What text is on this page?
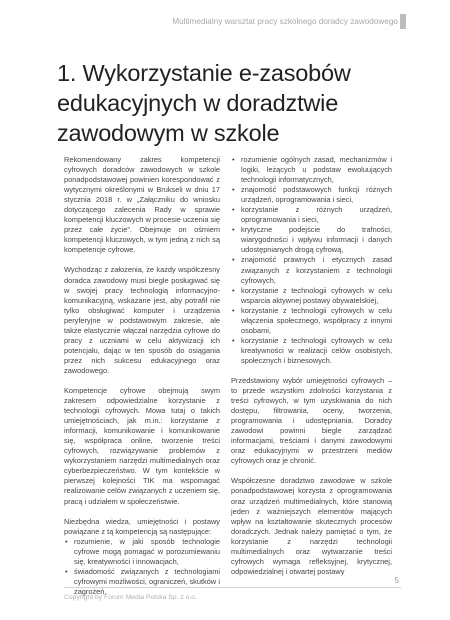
Multimedialny warsztat pracy szkolnego doradcy zawodowego
1. Wykorzystanie e-zasobów edukacyjnych w doradztwie zawodowym w szkole

Rekomendowany zakres kompetencji cyfrowych doradców zawodowych w szkole ponadpodstawowej powinien korespondować z wytycznymi określonymi w Brukseli w dniu 17 stycznia 2018 r. w „Załączniku do wniosku dotyczącego zalecenia Rady w sprawie kompetencji kluczowych w procesie uczenia się przez całe życie”. Obejmuje on ośmiem kompetencji kluczowych, w tym jedną z nich są kompetencje cyfrowe.

Wychodząc z założenia, że każdy współczesny doradca zawodowy musi biegle posługiwać się w swojej pracy technologią informacyjno-komunikacyjną, wskazane jest, aby potrafił nie tylko obsługiwać komputer i urządzenia peryferyjne w podstawowym zakresie, ale także elastycznie włączał narzędzia cyfrowe do pracy z uczniami w celu aktywizacji ich potencjału, dając w ten sposób do osiągania przez nich sukcesu edukacyjnego oraz zawodowego.

Kompetencje cyfrowe obejmują swym zakresem odpowiedzialne korzystanie z technologii cyfrowych. Mowa tutaj o takich umiejętnościach, jak m.in.: korzystanie z informacji, komunikowanie i komunikowanie się, współpraca online, tworzenie treści cyfrowych, rozwiązywanie problemów z wykorzystaniem narzędzi multimedialnych oraz cyberbezpieczeństwo. W tym kontekście w pierwszej kolejności TIK ma wspomagać realizowanie celów związanych z uczeniem się, pracą i udziałem w społeczeństwie.

Niezbędna wiedza, umiejętności i postawy powiązane z tą kompetencją są następujące:

• rozumienie, w jaki sposób technologie cyfrowe mogą pomagać w porozumiewaniu się, kreatywności i innowacjach,
• świadomość związanych z technologiami cyfrowymi możliwości, ograniczeń, skutków i zagrożeń,
• rozumienie ogólnych zasad, mechanizmów i logiki, leżących u podstaw ewoluujących technologii informatycznych,
• znajomość podstawowych funkcji różnych urządzeń, oprogramowania i sieci,
• korzystanie z różnych urządzeń, oprogramowania i sieci,
• krytyczne podejście do trafności, wiarygodności i wpływu informacji i danych udostępnianych drogą cyfrową,
• znajomość prawnych i etycznych zasad związanych z korzystaniem z technologii cyfrowych,
• korzystanie z technologii cyfrowych w celu wsparcia aktywnej postawy obywatelskiej,
• korzystanie z technologii cyfrowych w celu włączenia społecznego, współpracy z innymi osobami,
• korzystanie z technologii cyfrowych w celu kreatywności w realizacji celów osobistych, społecznych i biznesowych.

Przedstawiony wybór umiejętności cyfrowych – to przede wszystkim zdolności korzystania z treści cyfrowych, w tym uzyskiwania do nich dostępu, filtrowania, oceny, tworzenia, programowania i udostępniania. Doradcy zawodowi powinni biegle zarządzać informacjami, treściami i danymi zawodowymi oraz edukacyjnymi w przestrzeni mediów cyfrowych oraz je chronić.

Współczesne doradztwo zawodowe w szkole ponadpodstawowej korzysta z oprogramowania oraz urządzeń multimedialnych, które stanowią jeden z ważniejszych elementów mających wpływ na kształtowanie skutecznych procesów doradczych. Jednak należy pamiętać o tym, że korzystanie z narzędzi technologii multimedialnych oraz wytwarzanie treści cyfrowych wymaga refleksyjnej, krytycznej, odpowiedzialnej i otwartej postawy

5
Copyright by Forum Media Polska Sp. z o.o.
